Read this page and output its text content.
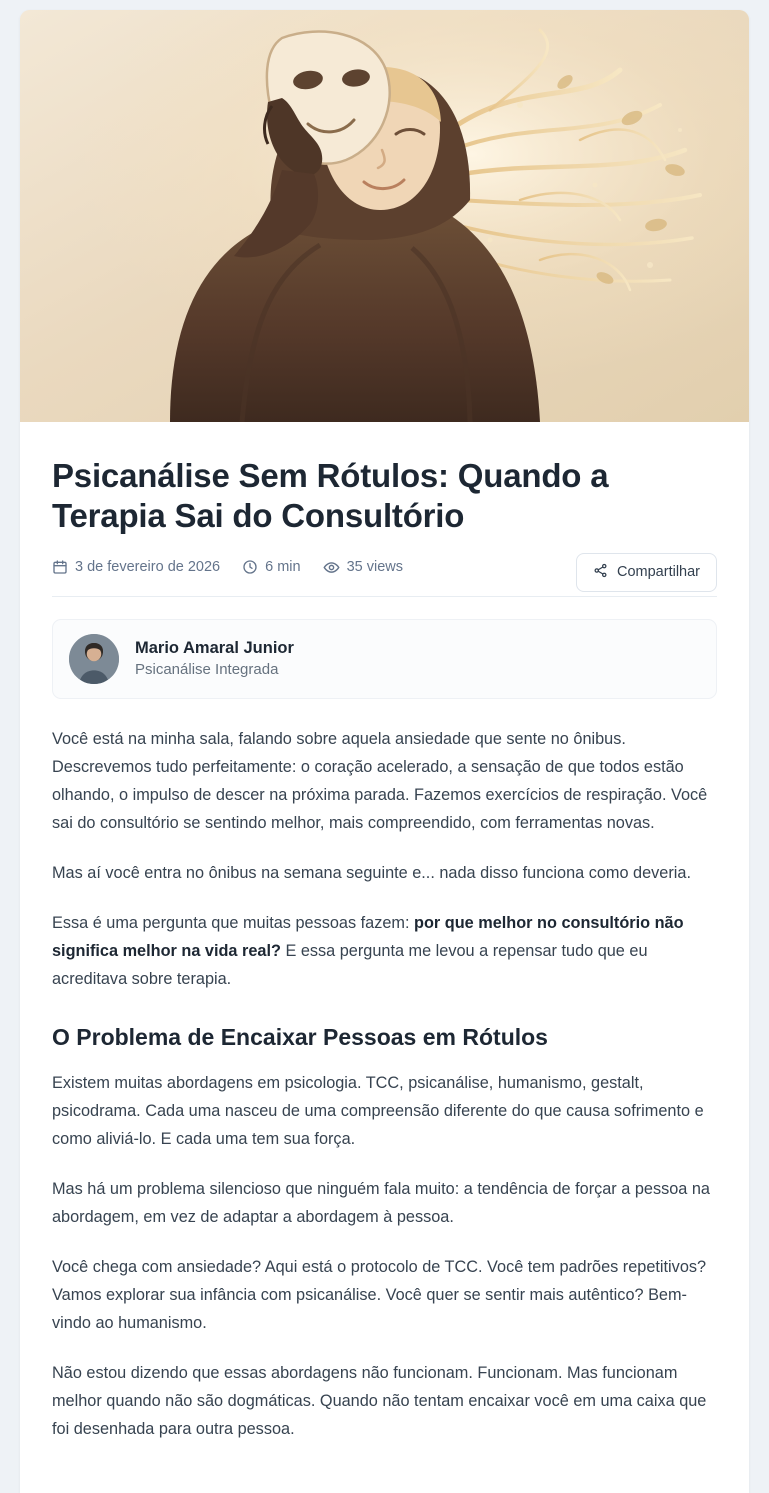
Psicanálise Sem Rótulos: Quando a Terapia Sai do Consultório
3 de fevereiro de 2026	6 min	35 views	Compartilhar
Mario Amaral Junior
Psicanálise Integrada

Você está na minha sala, falando sobre aquela ansiedade que sente no ônibus. Descrevemos tudo perfeitamente: o coração acelerado, a sensação de que todos estão olhando, o impulso de descer na próxima parada. Fazemos exercícios de respiração. Você sai do consultório se sentindo melhor, mais compreendido, com ferramentas novas.

Mas aí você entra no ônibus na semana seguinte e... nada disso funciona como deveria.

Essa é uma pergunta que muitas pessoas fazem: por que melhor no consultório não significa melhor na vida real? E essa pergunta me levou a repensar tudo que eu acreditava sobre terapia.

O Problema de Encaixar Pessoas em Rótulos

Existem muitas abordagens em psicologia. TCC, psicanálise, humanismo, gestalt, psicodrama. Cada uma nasceu de uma compreensão diferente do que causa sofrimento e como aliviá-lo. E cada uma tem sua força.

Mas há um problema silencioso que ninguém fala muito: a tendência de forçar a pessoa na abordagem, em vez de adaptar a abordagem à pessoa.

Você chega com ansiedade? Aqui está o protocolo de TCC. Você tem padrões repetitivos? Vamos explorar sua infância com psicanálise. Você quer se sentir mais autêntico? Bem-vindo ao humanismo.

Não estou dizendo que essas abordagens não funcionam. Funcionam. Mas funcionam melhor quando não são dogmáticas. Quando não tentam encaixar você em uma caixa que foi desenhada para outra pessoa.
